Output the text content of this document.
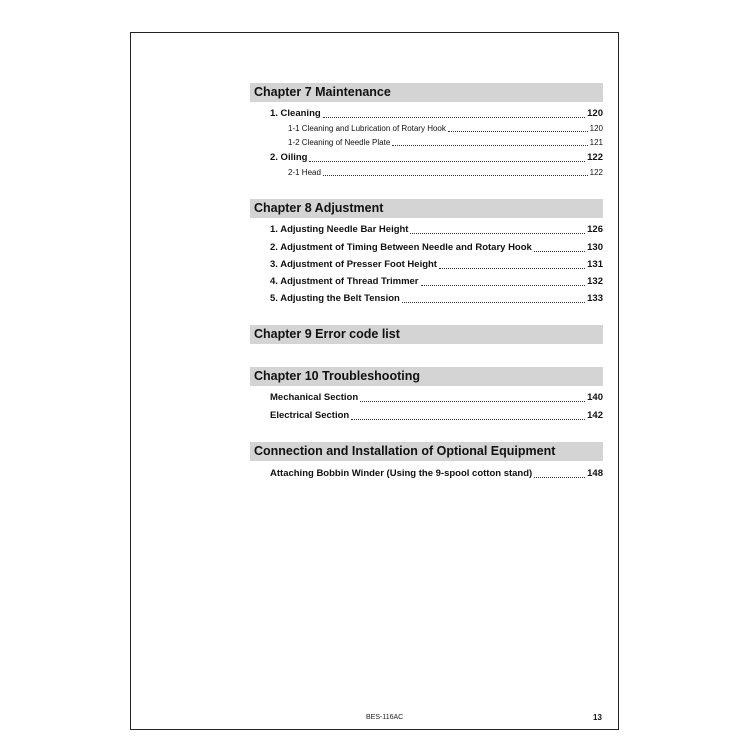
Chapter 7 Maintenance
1. Cleaning	120
1-1 Cleaning and Lubrication of Rotary Hook	120
1-2 Cleaning of Needle Plate	121
2. Oiling	122
2-1 Head	122
Chapter 8 Adjustment
1. Adjusting Needle Bar Height	126
2. Adjustment of Timing Between Needle and Rotary Hook	130
3. Adjustment of Presser Foot Height	131
4. Adjustment of Thread Trimmer	132
5. Adjusting the Belt Tension	133
Chapter 9 Error code list
Chapter 10 Troubleshooting
Mechanical Section	140
Electrical Section	142
Connection and Installation of Optional Equipment
Attaching Bobbin Winder (Using the 9-spool cotton stand)	148
BES-116AC	13
